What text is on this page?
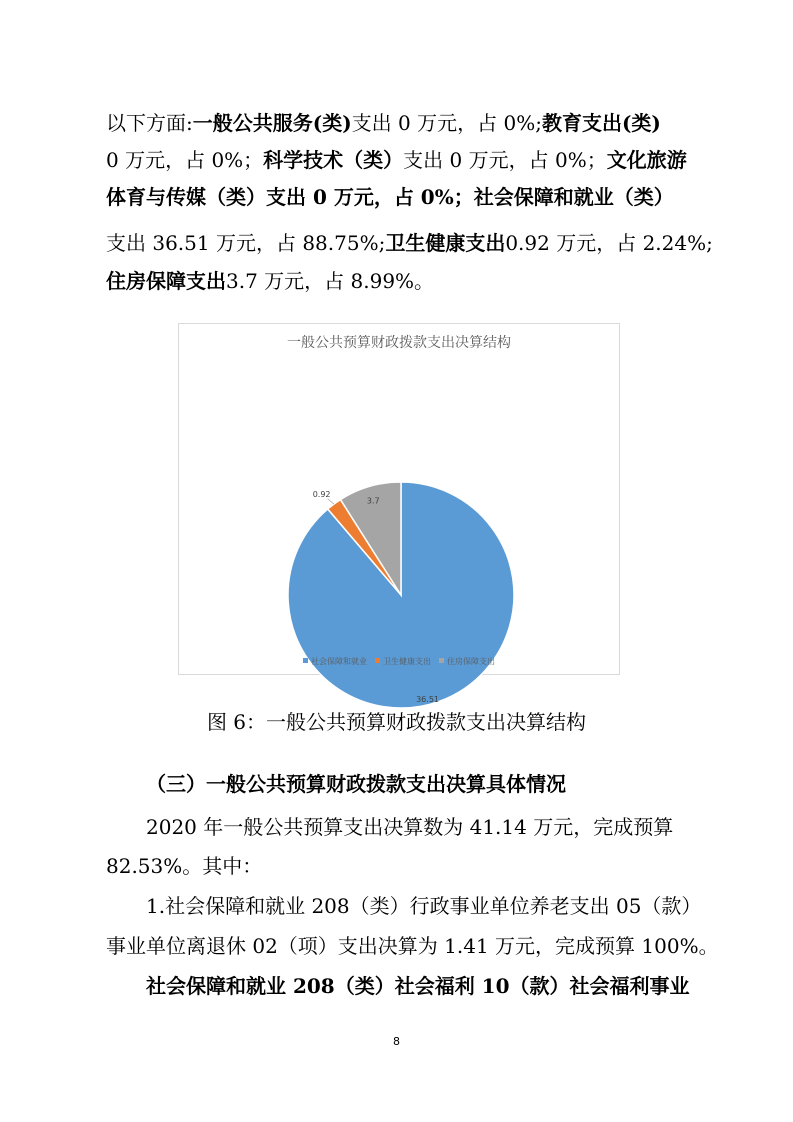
以下方面:一般公共服务(类)支出 0 万元，占 0%;教育支出(类)
0 万元，占 0%；科学技术（类）支出 0 万元，占 0%；文化旅游
体育与传媒（类）支出 0 万元，占 0%；社会保障和就业（类）
支出 36.51 万元，占 88.75%;卫生健康支出0.92 万元，占 2.24%;
住房保障支出3.7 万元，占 8.99%。
一般公共预算财政拨款支出决算结构
36.51
0.92
3.7
社会保障和就业 卫生健康支出 住房保障支出
图 6：一般公共预算财政拨款支出决算结构
（三）一般公共预算财政拨款支出决算具体情况
2020 年一般公共预算支出决算数为 41.14 万元，完成预算
82.53%。其中：
1.社会保障和就业 208（类）行政事业单位养老支出 05（款）
事业单位离退休 02（项）支出决算为 1.41 万元，完成预算 100%。
社会保障和就业 208（类）社会福利 10（款）社会福利事业
8
